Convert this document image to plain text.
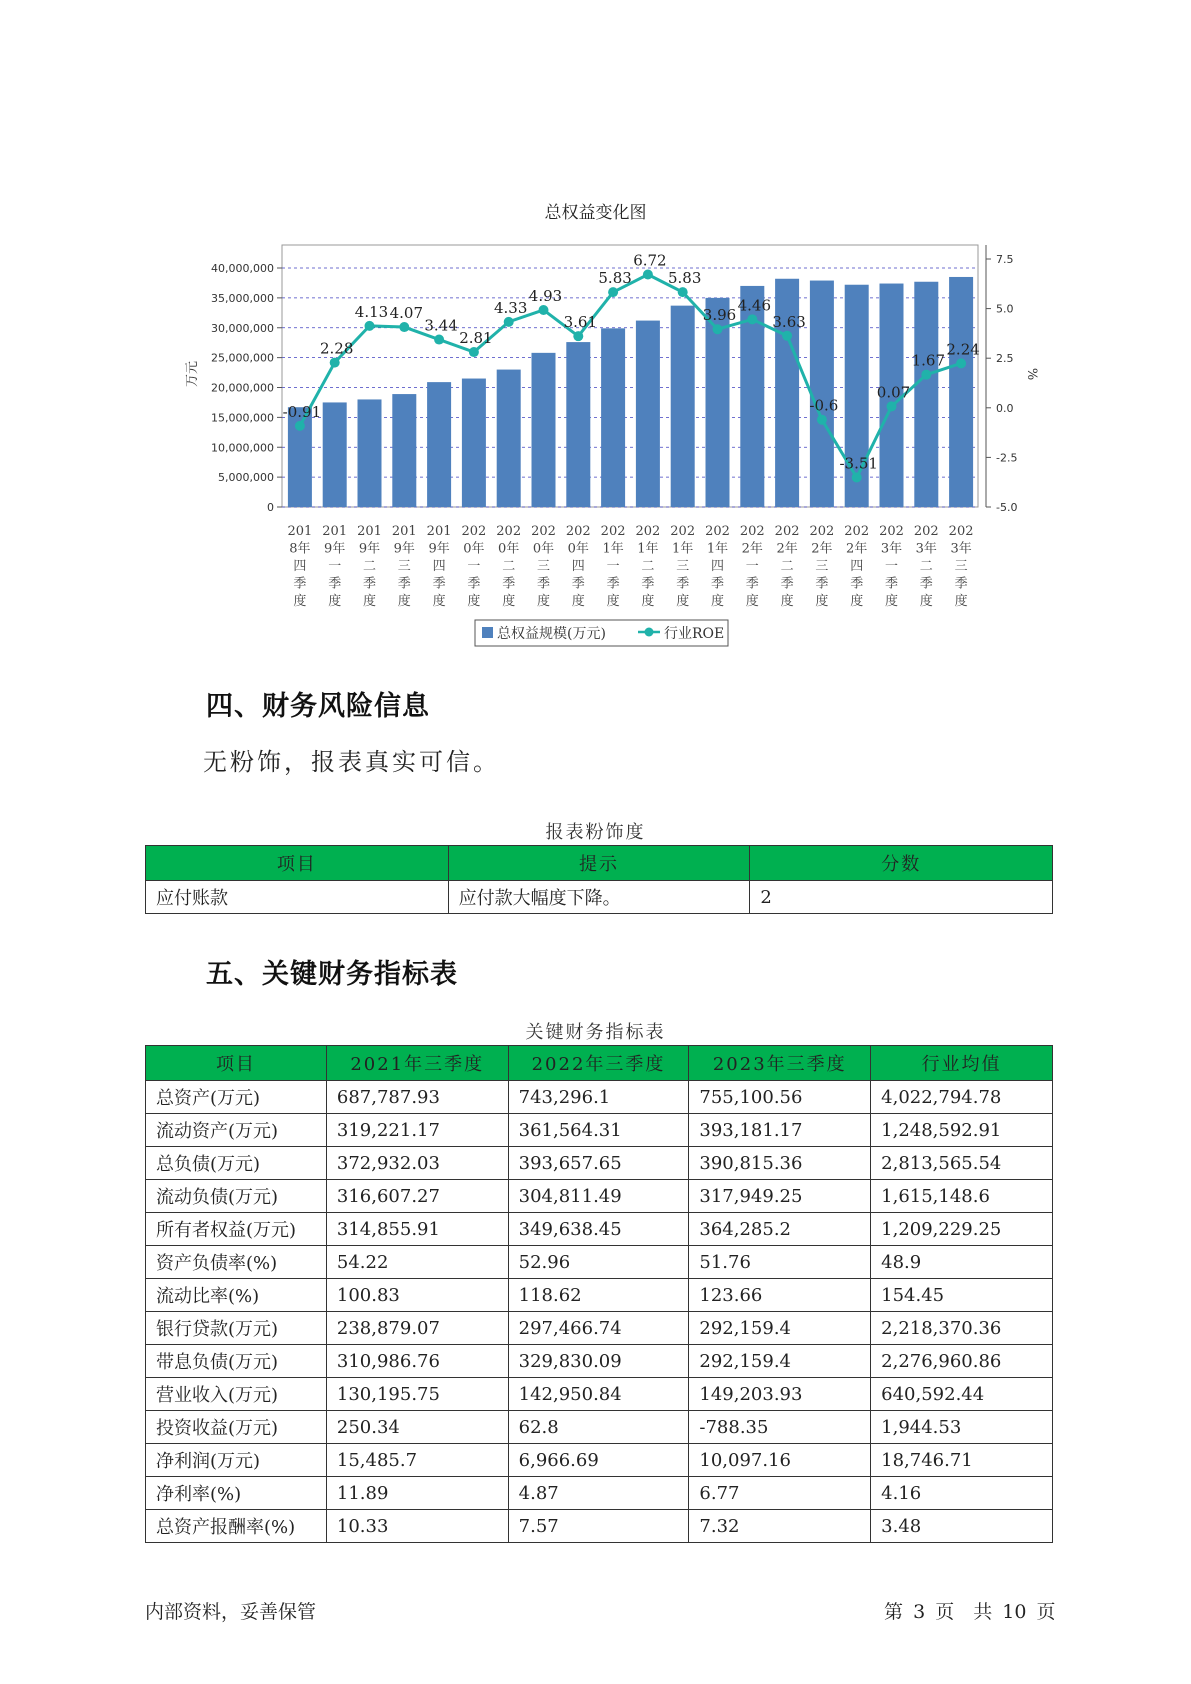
总权益变化图
0
5,000,000
10,000,000
15,000,000
20,000,000
25,000,000
30,000,000
35,000,000
40,000,000
-5.0
-2.5
0.0
2.5
5.0
7.5
万元	%
201
8年
四
季
度
201
9年
一
季
度
201
9年
二
季
度
201
9年
三
季
度
201
9年
四
季
度
202
0年
一
季
度
202
0年
二
季
度
202
0年
三
季
度
202
0年
四
季
度
202
1年
一
季
度
202
1年
二
季
度
202
1年
三
季
度
202
1年
四
季
度
202
2年
一
季
度
202
2年
二
季
度
202
2年
三
季
度
202
2年
四
季
度
202
3年
一
季
度
202
3年
二
季
度
202
3年
三
季
度
-0.91
2.28
4.13 4.07
3.44
2.81
4.33
4.93
3.61
5.83
6.72
5.83
3.96
4.46
3.63
-0.6
-3.51
0.07
1.67
2.24
总权益规模(万元)	行业ROE
四、财务风险信息
无粉饰，报表真实可信。
报表粉饰度
项目	提示	分数
应付账款	应付款大幅度下降。	2
五、关键财务指标表
关键财务指标表
项目	2021年三季度	2022年三季度	2023年三季度	行业均值
总资产(万元)	687,787.93	743,296.1	755,100.56	4,022,794.78
流动资产(万元)	319,221.17	361,564.31	393,181.17	1,248,592.91
总负债(万元)	372,932.03	393,657.65	390,815.36	2,813,565.54
流动负债(万元)	316,607.27	304,811.49	317,949.25	1,615,148.6
所有者权益(万元)	314,855.91	349,638.45	364,285.2	1,209,229.25
资产负债率(%)	54.22	52.96	51.76	48.9
流动比率(%)	100.83	118.62	123.66	154.45
银行贷款(万元)	238,879.07	297,466.74	292,159.4	2,218,370.36
带息负债(万元)	310,986.76	329,830.09	292,159.4	2,276,960.86
营业收入(万元)	130,195.75	142,950.84	149,203.93	640,592.44
投资收益(万元)	250.34	62.8	-788.35	1,944.53
净利润(万元)	15,485.7	6,966.69	10,097.16	18,746.71
净利率(%)	11.89	4.87	6.77	4.16
总资产报酬率(%)	10.33	7.57	7.32	3.48
内部资料，妥善保管	第 3 页　共 10 页
